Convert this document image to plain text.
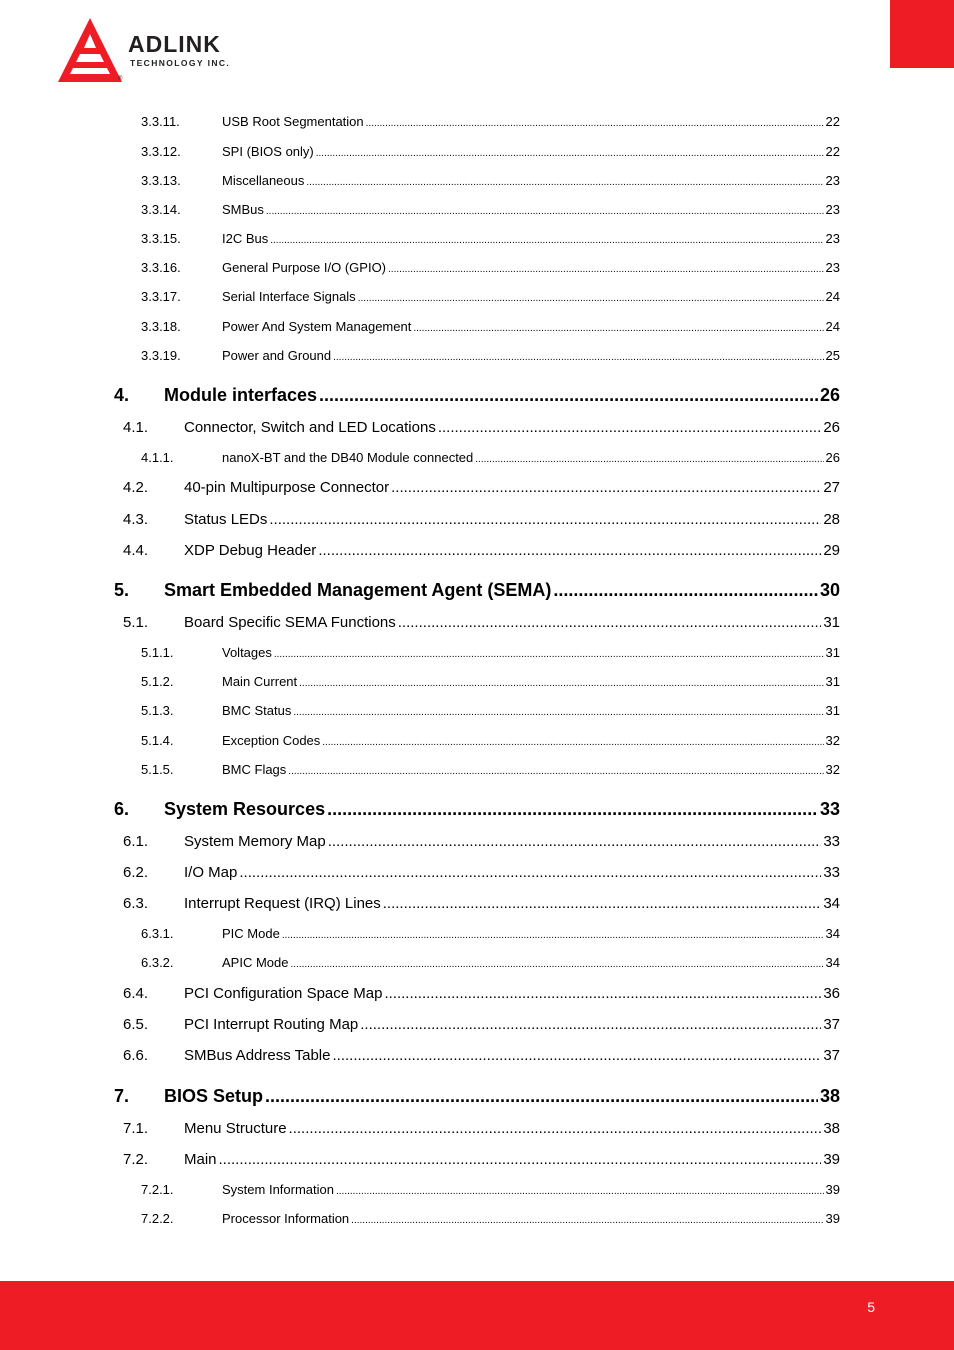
ADLINK
TECHNOLOGY INC.
®
3.3.11.	USB Root Segmentation .....	22
3.3.12.	SPI (BIOS only) .....	22
3.3.13.	Miscellaneous .....	23
3.3.14.	SMBus .....	23
3.3.15.	I2C Bus .....	23
3.3.16.	General Purpose I/O (GPIO) .....	23
3.3.17.	Serial Interface Signals .....	24
3.3.18.	Power And System Management .....	24
3.3.19.	Power and Ground .....	25
4.	Module interfaces .....	26
4.1.	Connector, Switch and LED Locations .....	26
4.1.1.	nanoX-BT and the DB40 Module connected .....	26
4.2.	40-pin Multipurpose Connector .....	27
4.3.	Status LEDs .....	28
4.4.	XDP Debug Header .....	29
5.	Smart Embedded Management Agent (SEMA) .....	30
5.1.	Board Specific SEMA Functions .....	31
5.1.1.	Voltages .....	31
5.1.2.	Main Current .....	31
5.1.3.	BMC Status .....	31
5.1.4.	Exception Codes .....	32
5.1.5.	BMC Flags .....	32
6.	System Resources .....	33
6.1.	System Memory Map .....	33
6.2.	I/O Map .....	33
6.3.	Interrupt Request (IRQ) Lines .....	34
6.3.1.	PIC Mode .....	34
6.3.2.	APIC Mode .....	34
6.4.	PCI Configuration Space Map .....	36
6.5.	PCI Interrupt Routing Map .....	37
6.6.	SMBus Address Table .....	37
7.	BIOS Setup .....	38
7.1.	Menu Structure .....	38
7.2.	Main .....	39
7.2.1.	System Information .....	39
7.2.2.	Processor Information .....	39
5
